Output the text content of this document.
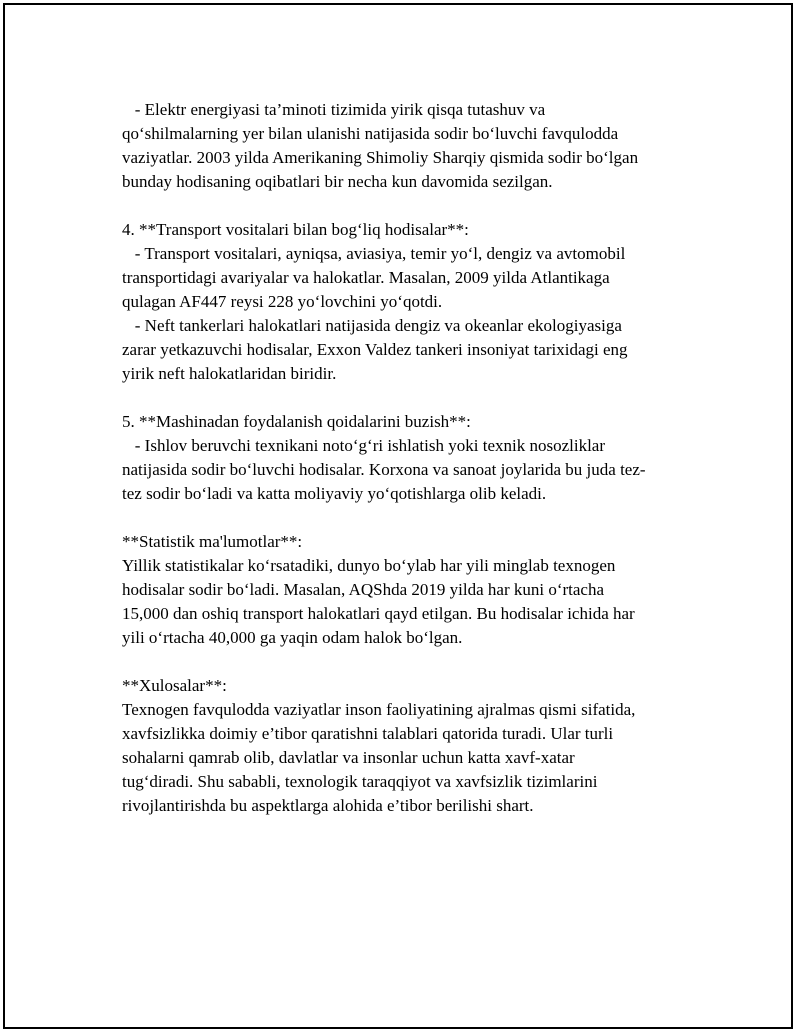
- Elektr energiyasi ta’minoti tizimida yirik qisqa tutashuv va
qo‘shilmalarning yer bilan ulanishi natijasida sodir bo‘luvchi favqulodda
vaziyatlar. 2003 yilda Amerikaning Shimoliy Sharqiy qismida sodir bo‘lgan
bunday hodisaning oqibatlari bir necha kun davomida sezilgan.
4. **Transport vositalari bilan bog‘liq hodisalar**:
- Transport vositalari, ayniqsa, aviasiya, temir yo‘l, dengiz va avtomobil
transportidagi avariyalar va halokatlar. Masalan, 2009 yilda Atlantikaga
qulagan AF447 reysi 228 yo‘lovchini yo‘qotdi.
- Neft tankerlari halokatlari natijasida dengiz va okeanlar ekologiyasiga
zarar yetkazuvchi hodisalar, Exxon Valdez tankeri insoniyat tarixidagi eng
yirik neft halokatlaridan biridir.
5. **Mashinadan foydalanish qoidalarini buzish**:
- Ishlov beruvchi texnikani noto‘g‘ri ishlatish yoki texnik nosozliklar
natijasida sodir bo‘luvchi hodisalar. Korxona va sanoat joylarida bu juda tez-
tez sodir bo‘ladi va katta moliyaviy yo‘qotishlarga olib keladi.
**Statistik ma'lumotlar**:
Yillik statistikalar ko‘rsatadiki, dunyo bo‘ylab har yili minglab texnogen
hodisalar sodir bo‘ladi. Masalan, AQShda 2019 yilda har kuni o‘rtacha
15,000 dan oshiq transport halokatlari qayd etilgan. Bu hodisalar ichida har
yili o‘rtacha 40,000 ga yaqin odam halok bo‘lgan.
**Xulosalar**:
Texnogen favqulodda vaziyatlar inson faoliyatining ajralmas qismi sifatida,
xavfsizlikka doimiy e’tibor qaratishni talablari qatorida turadi. Ular turli
sohalarni qamrab olib, davlatlar va insonlar uchun katta xavf-xatar
tug‘diradi. Shu sababli, texnologik taraqqiyot va xavfsizlik tizimlarini
rivojlantirishda bu aspektlarga alohida e’tibor berilishi shart.
